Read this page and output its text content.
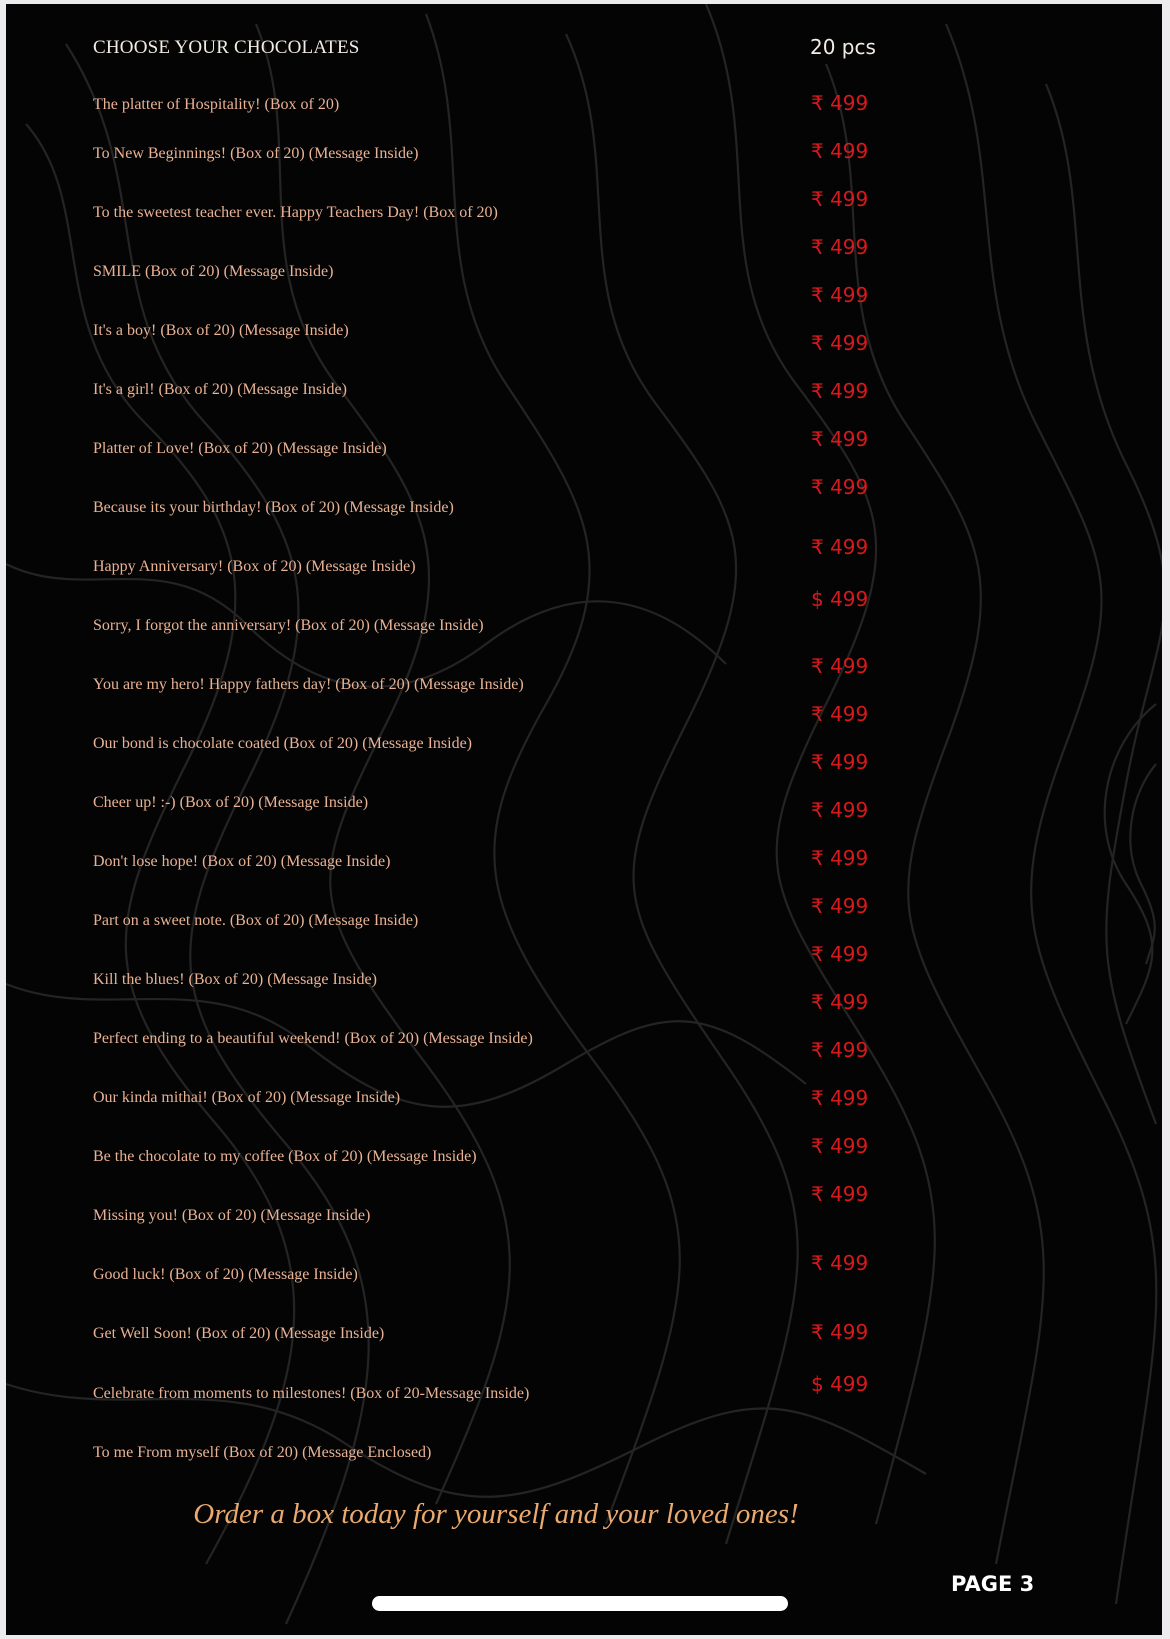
CHOOSE YOUR CHOCOLATES	20 pcs
The platter of Hospitality! (Box of 20)
To New Beginnings! (Box of 20) (Message Inside)
To the sweetest teacher ever. Happy Teachers Day! (Box of 20)
SMILE (Box of 20) (Message Inside)
It's a boy! (Box of 20) (Message Inside)
It's a girl! (Box of 20) (Message Inside)
Platter of Love! (Box of 20) (Message Inside)
Because its your birthday! (Box of 20) (Message Inside)
Happy Anniversary! (Box of 20) (Message Inside)
Sorry, I forgot the anniversary! (Box of 20) (Message Inside)
You are my hero! Happy fathers day! (Box of 20) (Message Inside)
Our bond is chocolate coated (Box of 20) (Message Inside)
Cheer up! :-) (Box of 20) (Message Inside)
Don't lose hope! (Box of 20) (Message Inside)
Part on a sweet note. (Box of 20) (Message Inside)
Kill the blues! (Box of 20) (Message Inside)
Perfect ending to a beautiful weekend! (Box of 20) (Message Inside)
Our kinda mithai! (Box of 20) (Message Inside)
Be the chocolate to my coffee (Box of 20) (Message Inside)
Missing you! (Box of 20) (Message Inside)
Good luck! (Box of 20) (Message Inside)
Get Well Soon! (Box of 20) (Message Inside)
Celebrate from moments to milestones! (Box of 20-Message Inside)
To me From myself (Box of 20) (Message Enclosed)
₹ 499
₹ 499
₹ 499
₹ 499
₹ 499
₹ 499
₹ 499
₹ 499
₹ 499
₹ 499
$ 499
₹ 499
₹ 499
₹ 499
₹ 499
₹ 499
₹ 499
₹ 499
₹ 499
₹ 499
₹ 499
₹ 499
₹ 499
₹ 499
₹ 499
$ 499
Order a box today for yourself and your loved ones!
PAGE 3
